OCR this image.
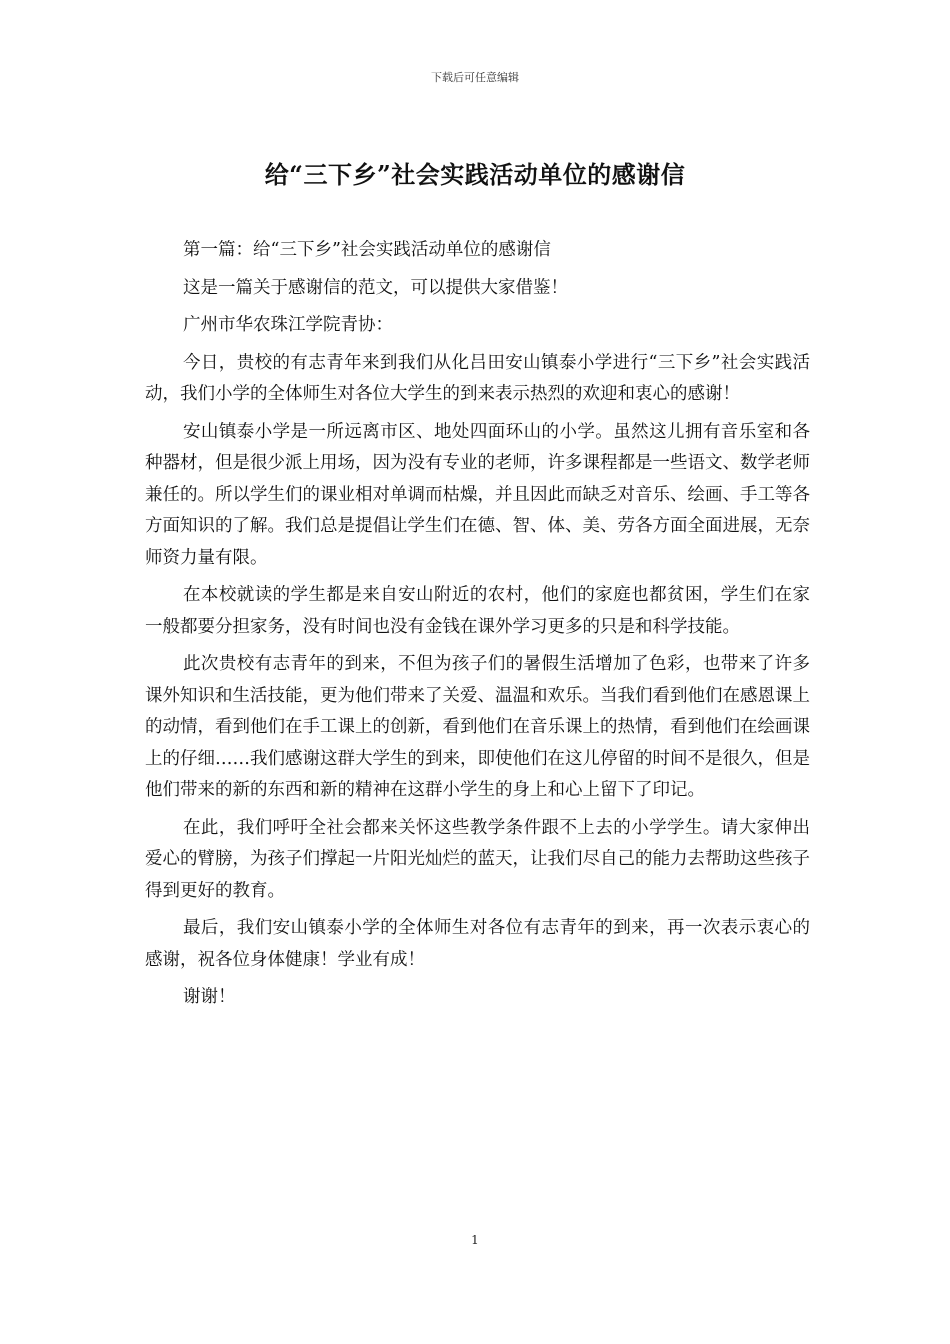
下载后可任意编辑
给“三下乡”社会实践活动单位的感谢信

第一篇：给“三下乡”社会实践活动单位的感谢信

这是一篇关于感谢信的范文，可以提供大家借鉴！

广州市华农珠江学院青协：

今日，贵校的有志青年来到我们从化吕田安山镇泰小学进行“三下乡”社会实践活动，我们小学的全体师生对各位大学生的到来表示热烈的欢迎和衷心的感谢！

安山镇泰小学是一所远离市区、地处四面环山的小学。虽然这儿拥有音乐室和各种器材，但是很少派上用场，因为没有专业的老师，许多课程都是一些语文、数学老师兼任的。所以学生们的课业相对单调而枯燥，并且因此而缺乏对音乐、绘画、手工等各方面知识的了解。我们总是提倡让学生们在德、智、体、美、劳各方面全面进展，无奈师资力量有限。

在本校就读的学生都是来自安山附近的农村，他们的家庭也都贫困，学生们在家一般都要分担家务，没有时间也没有金钱在课外学习更多的只是和科学技能。

此次贵校有志青年的到来，不但为孩子们的暑假生活增加了色彩，也带来了许多课外知识和生活技能，更为他们带来了关爱、温温和欢乐。当我们看到他们在感恩课上的动情，看到他们在手工课上的创新，看到他们在音乐课上的热情，看到他们在绘画课上的仔细……我们感谢这群大学生的到来，即使他们在这儿停留的时间不是很久，但是他们带来的新的东西和新的精神在这群小学生的身上和心上留下了印记。

在此，我们呼吁全社会都来关怀这些教学条件跟不上去的小学学生。请大家伸出爱心的臂膀，为孩子们撑起一片阳光灿烂的蓝天，让我们尽自己的能力去帮助这些孩子得到更好的教育。

最后，我们安山镇泰小学的全体师生对各位有志青年的到来，再一次表示衷心的感谢，祝各位身体健康！学业有成！

谢谢！

1
